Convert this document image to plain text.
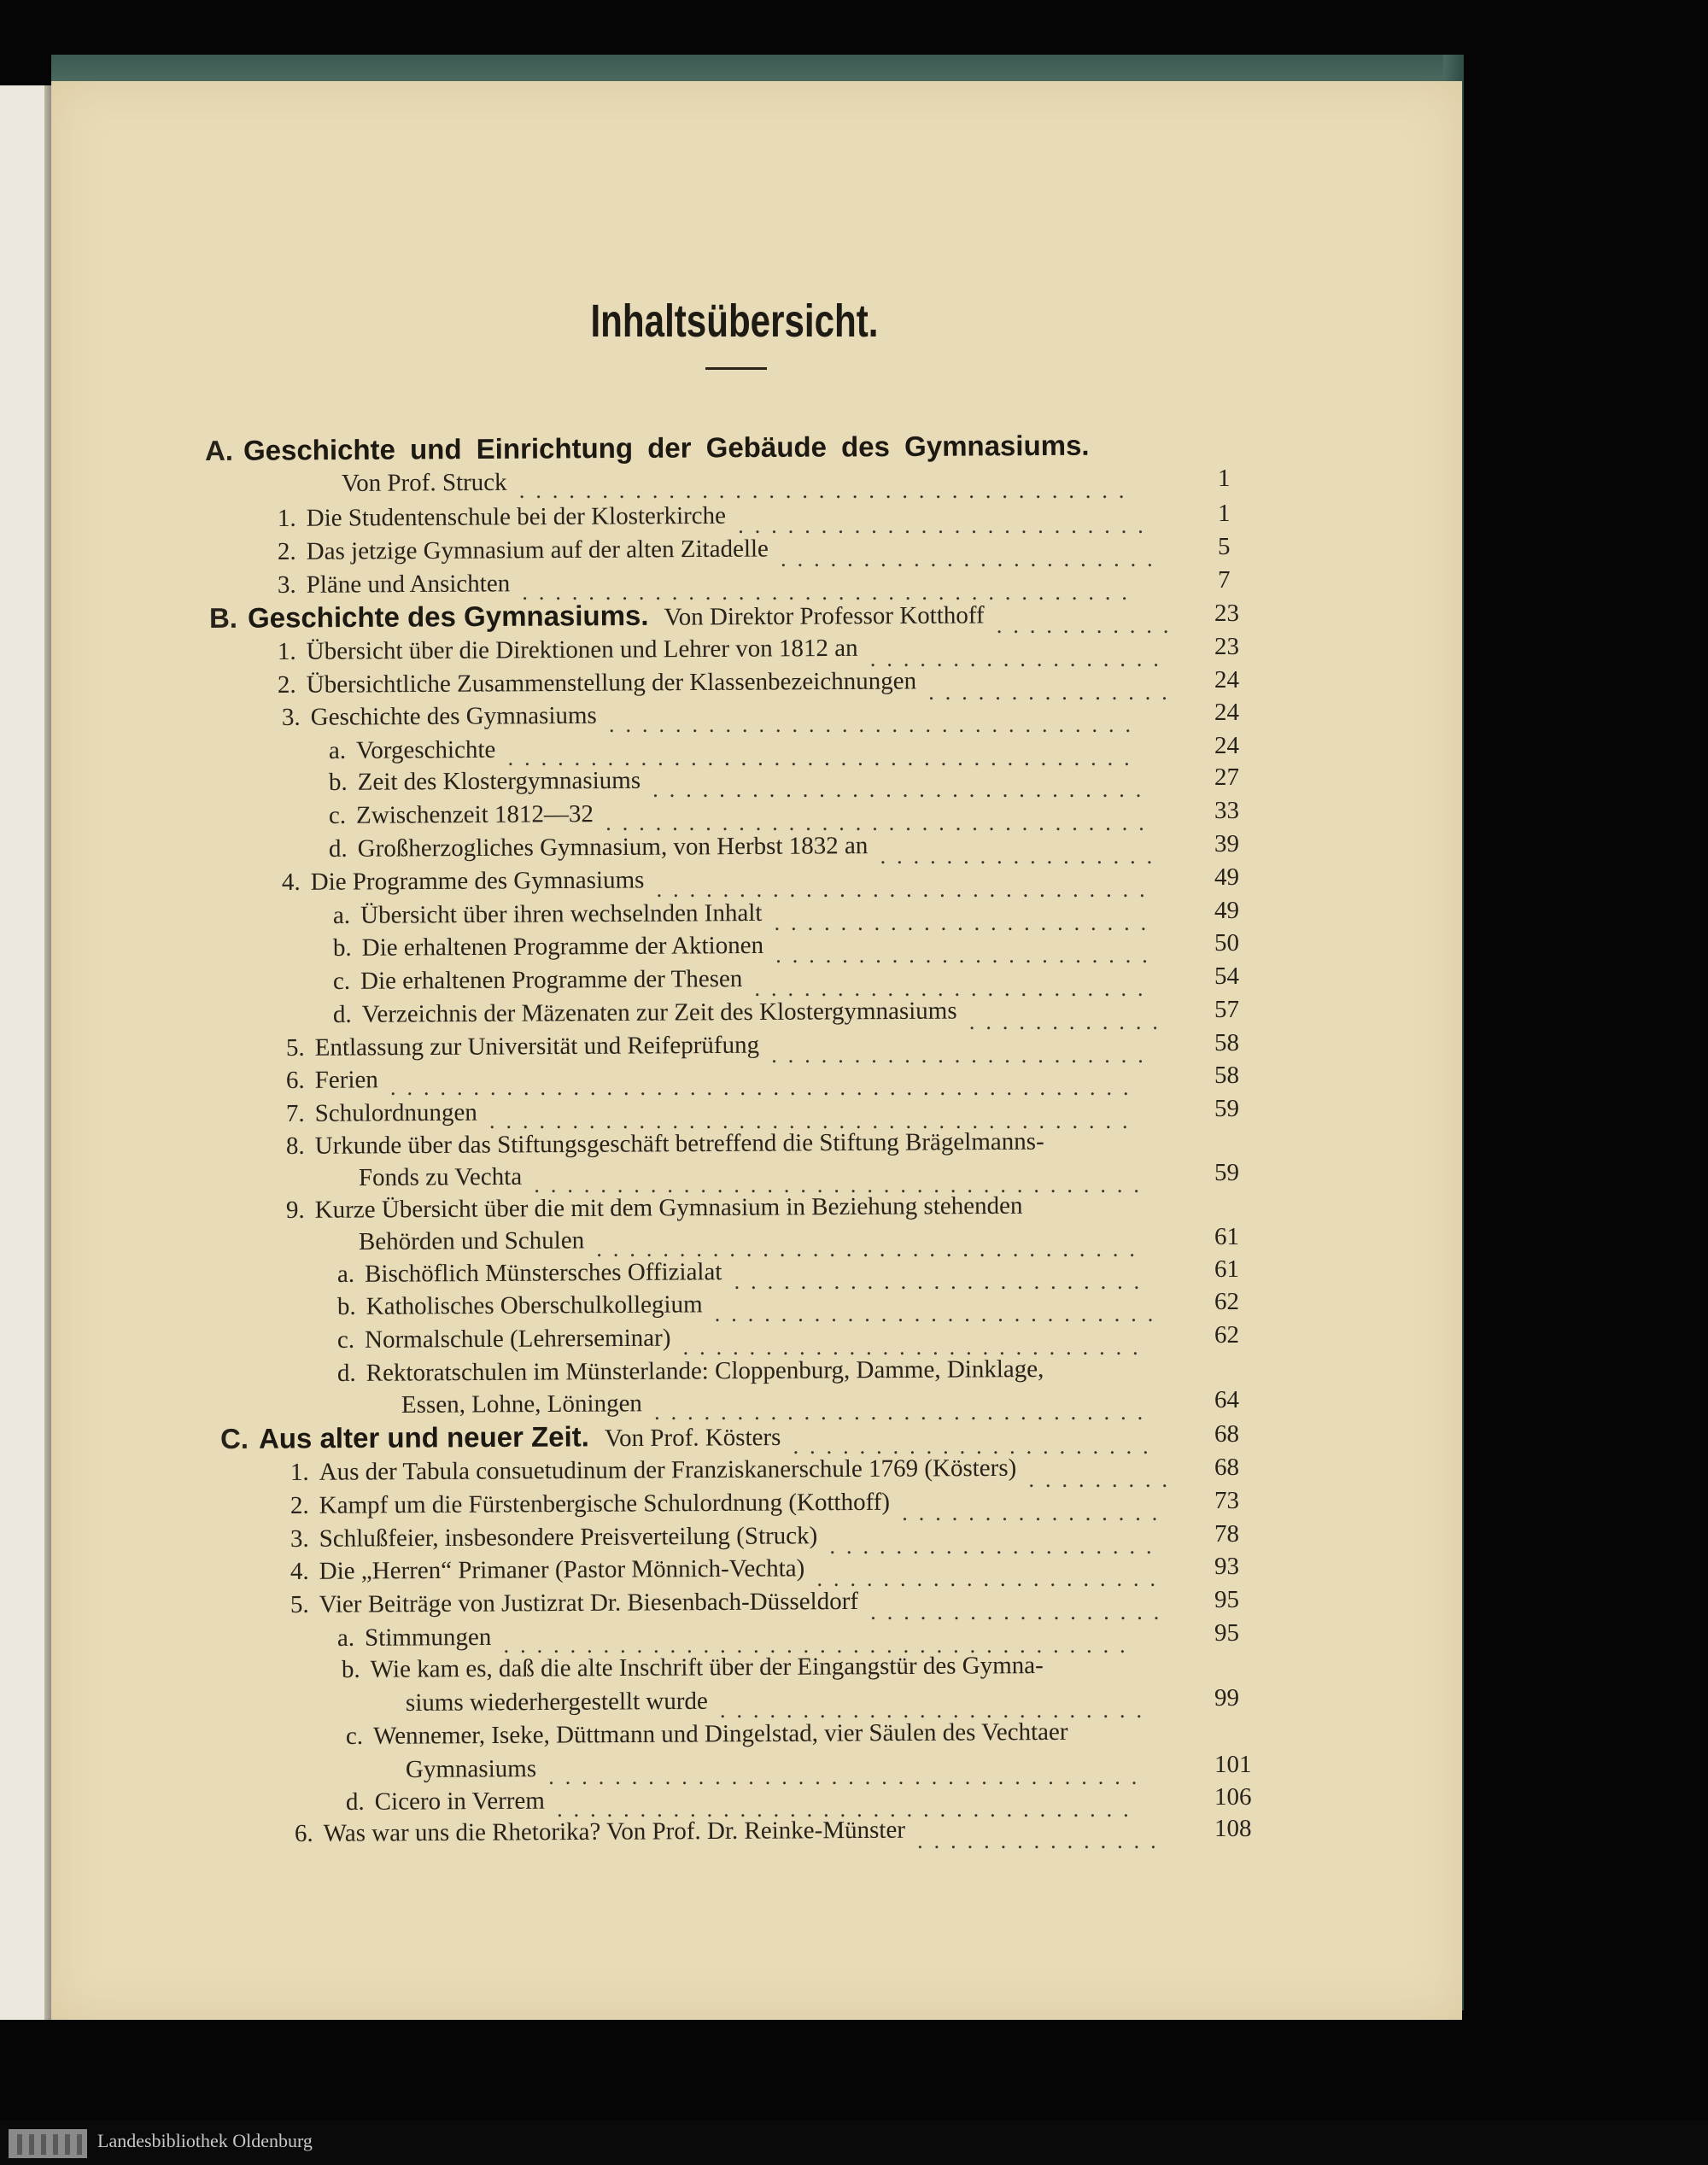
Inhaltsübersicht.
A. Geschichte und Einrichtung der Gebäude des Gymnasiums.
Von Prof. Struck .....................................	1
1. Die Studentenschule bei der Klosterkirche .........................	1
2. Das jetzige Gymnasium auf der alten Zitadelle .......................	5
3. Pläne und Ansichten .....................................	7
B. Geschichte des Gymnasiums. Von Direktor Professor Kotthoff ...........	23
1. Übersicht über die Direktionen und Lehrer von 1812 an ..................	23
2. Übersichtliche Zusammenstellung der Klassenbezeichnungen ...............	24
3. Geschichte des Gymnasiums ................................	24
a. Vorgeschichte ......................................	24
b. Zeit des Klostergymnasiums ..............................	27
c. Zwischenzeit 1812—32 .................................	33
d. Großherzogliches Gymnasium, von Herbst 1832 an .................	39
4. Die Programme des Gymnasiums ..............................	49
a. Übersicht über ihren wechselnden Inhalt .......................	49
b. Die erhaltenen Programme der Aktionen .......................	50
c. Die erhaltenen Programme der Thesen ........................	54
d. Verzeichnis der Mäzenaten zur Zeit des Klostergymnasiums ............	57
5. Entlassung zur Universität und Reifeprüfung .......................	58
6. Ferien .............................................	58
7. Schulordnungen .......................................	59
8. Urkunde über das Stiftungsgeschäft betreffend die Stiftung Brägelmanns-
Fonds zu Vechta .....................................	59
9. Kurze Übersicht über die mit dem Gymnasium in Beziehung stehenden
Behörden und Schulen .................................	61
a. Bischöflich Münstersches Offizialat .........................	61
b. Katholisches Oberschulkollegium ...........................	62
c. Normalschule (Lehrerseminar) ............................	62
d. Rektoratschulen im Münsterlande: Cloppenburg, Damme, Dinklage,
Essen, Lohne, Löningen ..............................	64
C. Aus alter und neuer Zeit. Von Prof. Kösters ......................	68
1. Aus der Tabula consuetudinum der Franziskanerschule 1769 (Kösters) .........	68
2. Kampf um die Fürstenbergische Schulordnung (Kotthoff) ................	73
3. Schlußfeier, insbesondere Preisverteilung (Struck) ....................	78
4. Die „Herren“ Primaner (Pastor Mönnich-Vechta) .....................	93
5. Vier Beiträge von Justizrat Dr. Biesenbach-Düsseldorf ..................	95
a. Stimmungen ......................................	95
b. Wie kam es, daß die alte Inschrift über der Eingangstür des Gymna-
siums wiederhergestellt wurde ..........................	99
c. Wennemer, Iseke, Düttmann und Dingelstad, vier Säulen des Vechtaer
Gymnasiums ....................................	101
d. Cicero in Verrem ...................................	106
6. Was war uns die Rhetorika? Von Prof. Dr. Reinke-Münster ...............	108
Landesbibliothek Oldenburg
